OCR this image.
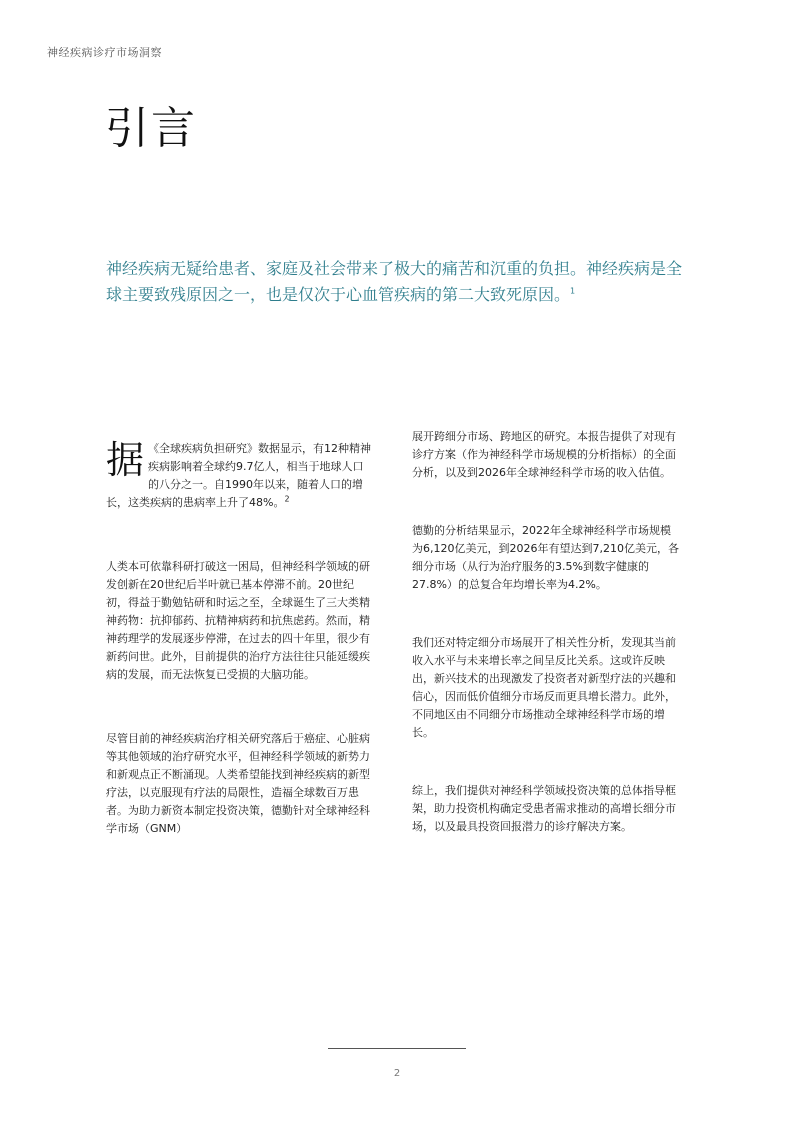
神经疾病诊疗市场洞察
引言

神经疾病无疑给患者、家庭及社会带来了极大的痛苦和沉重的负担。神经疾病是全球主要致残原因之一，也是仅次于心血管疾病的第二大致死原因。$^1$

据 《全球疾病负担研究》数据显示，有12种精神疾病影响着全球约9.7亿人，相当于地球人口的八分之一。自1990年以来，随着人口的增长，这类疾病的患病率上升了48%。$^2$

人类本可依靠科研打破这一困局，但神经科学领域的研发创新在20世纪后半叶就已基本停滞不前。20世纪初，得益于勤勉钻研和时运之至，全球诞生了三大类精神药物：抗抑郁药、抗精神病药和抗焦虑药。然而，精神药理学的发展逐步停滞，在过去的四十年里，很少有新药问世。此外，目前提供的治疗方法往往只能延缓疾病的发展，而无法恢复已受损的大脑功能。

尽管目前的神经疾病治疗相关研究落后于癌症、心脏病等其他领域的治疗研究水平，但神经科学领域的新势力和新观点正不断涌现。人类希望能找到神经疾病的新型疗法，以克服现有疗法的局限性，造福全球数百万患者。为助力新资本制定投资决策，德勤针对全球神经科学市场（GNM）

展开跨细分市场、跨地区的研究。本报告提供了对现有诊疗方案（作为神经科学市场规模的分析指标）的全面分析，以及到2026年全球神经科学市场的收入估值。

德勤的分析结果显示，2022年全球神经科学市场规模为6,120亿美元，到2026年有望达到7,210亿美元，各细分市场（从行为治疗服务的3.5%到数字健康的27.8%）的总复合年均增长率为4.2%。

我们还对特定细分市场展开了相关性分析，发现其当前收入水平与未来增长率之间呈反比关系。这或许反映出，新兴技术的出现激发了投资者对新型疗法的兴趣和信心，因而低价值细分市场反而更具增长潜力。此外，不同地区由不同细分市场推动全球神经科学市场的增长。

综上，我们提供对神经科学领域投资决策的总体指导框架，助力投资机构确定受患者需求推动的高增长细分市场，以及最具投资回报潜力的诊疗解决方案。

2
